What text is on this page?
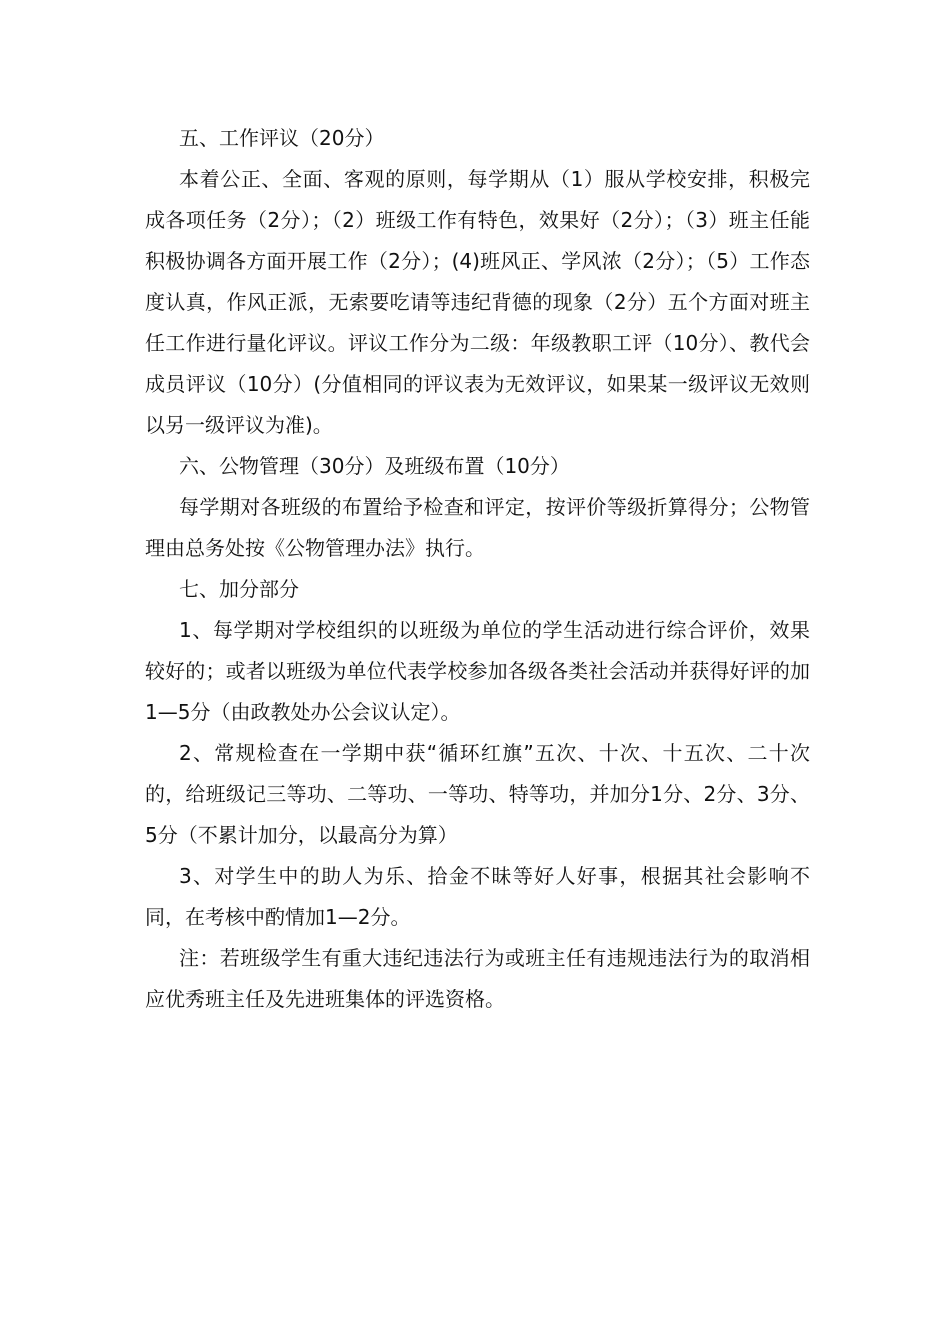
五、工作评议（20分）

本着公正、全面、客观的原则，每学期从（1）服从学校安排，积极完成各项任务（2分）；（2）班级工作有特色，效果好（2分）；（3）班主任能积极协调各方面开展工作（2分）；(4)班风正、学风浓（2分）；（5）工作态度认真，作风正派，无索要吃请等违纪背德的现象（2分）五个方面对班主任工作进行量化评议。评议工作分为二级：年级教职工评（10分）、教代会成员评议（10分）(分值相同的评议表为无效评议，如果某一级评议无效则以另一级评议为准)。

六、公物管理（30分）及班级布置（10分）

每学期对各班级的布置给予检查和评定，按评价等级折算得分；公物管理由总务处按《公物管理办法》执行。

七、加分部分

1、每学期对学校组织的以班级为单位的学生活动进行综合评价，效果较好的；或者以班级为单位代表学校参加各级各类社会活动并获得好评的加1—5分（由政教处办公会议认定）。

2、常规检查在一学期中获“循环红旗”五次、十次、十五次、二十次的，给班级记三等功、二等功、一等功、特等功，并加分1分、2分、3分、5分（不累计加分，以最高分为算）

3、对学生中的助人为乐、拾金不昧等好人好事，根据其社会影响不同，在考核中酌情加1—2分。

注：若班级学生有重大违纪违法行为或班主任有违规违法行为的取消相应优秀班主任及先进班集体的评选资格。
